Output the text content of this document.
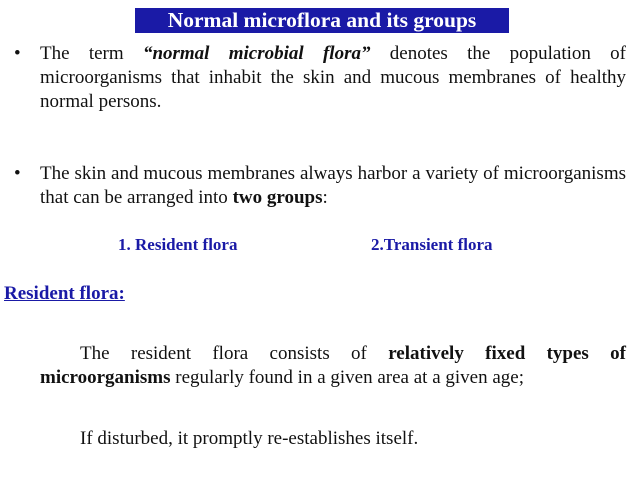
Normal microflora and its groups
•	The term “normal microbial flora” denotes the population of microorganisms that inhabit the skin and mucous membranes of healthy normal persons.
•	The skin and mucous membranes always harbor a variety of microorganisms that can be arranged into two groups:
1. Resident flora	2.Transient flora
Resident flora:
The resident flora consists of relatively fixed types of microorganisms regularly found in a given area at a given age;
If disturbed, it promptly re-establishes itself.
